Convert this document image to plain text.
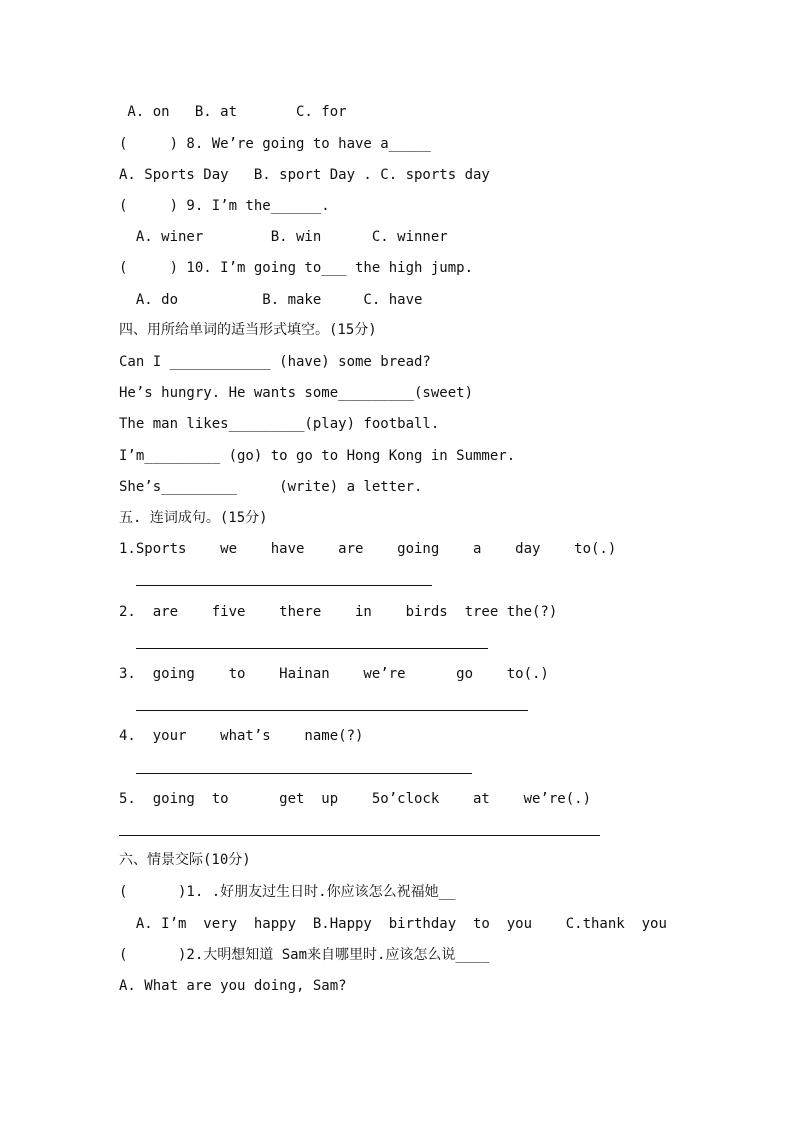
A. on   B. at       C. for
(     ) 8. We’re going to have a_____
A. Sports Day   B. sport Day . C. sports day
(     ) 9. I’m the______.
A. winer        B. win      C. winner
(     ) 10. I’m going to___ the high jump.
A. do          B. make     C. have
四、用所给单词的适当形式填空。(15分)
Can I ____________ (have) some bread?
He’s hungry. He wants some_________(sweet)
The man likes_________(play) football.
I’m_________ (go) to go to Hong Kong in Summer.
She’s_________     (write) a letter.
五. 连词成句。(15分)
1.Sports    we    have    are    going    a    day    to(.)
2.  are    five    there    in    birds  tree the(?)
3.  going    to    Hainan    we’re      go    to(.)
4.  your    what’s    name(?)
5.  going  to      get  up    5o’clock    at    we’re(.)
六、情景交际(10分)
(      )1. .好朋友过生日时.你应该怎么祝福她__
A. I’m  very  happy  B.Happy  birthday  to  you    C.thank  you
(      )2.大明想知道 Sam来自哪里时.应该怎么说____
A. What are you doing, Sam?
